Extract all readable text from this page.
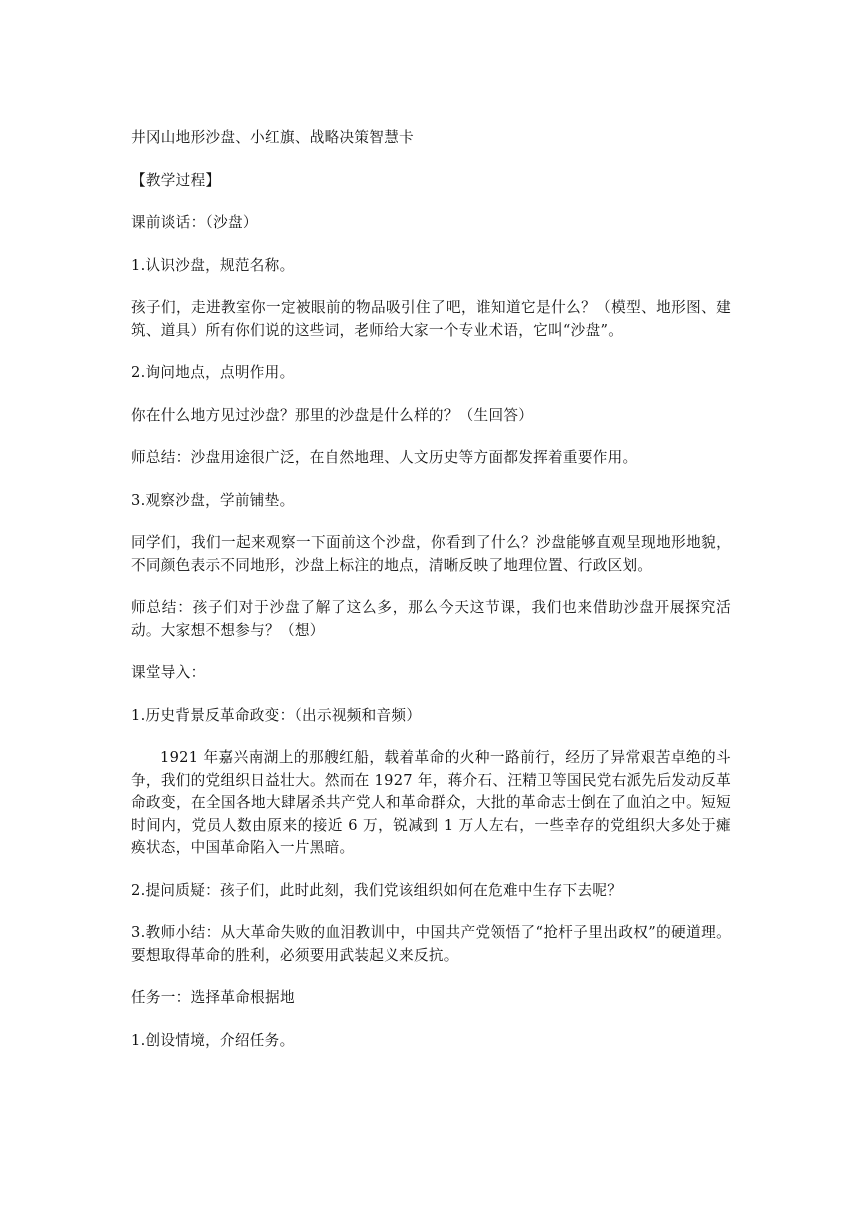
井冈山地形沙盘、小红旗、战略决策智慧卡

【教学过程】

课前谈话：（沙盘）

1.认识沙盘，规范名称。

孩子们，走进教室你一定被眼前的物品吸引住了吧，谁知道它是什么？（模型、地形图、建筑、道具）所有你们说的这些词，老师给大家一个专业术语，它叫“沙盘”。

2.询问地点，点明作用。

你在什么地方见过沙盘？那里的沙盘是什么样的？（生回答）

师总结：沙盘用途很广泛，在自然地理、人文历史等方面都发挥着重要作用。

3.观察沙盘，学前铺垫。

同学们，我们一起来观察一下面前这个沙盘，你看到了什么？沙盘能够直观呈现地形地貌，不同颜色表示不同地形，沙盘上标注的地点，清晰反映了地理位置、行政区划。

师总结：孩子们对于沙盘了解了这么多，那么今天这节课，我们也来借助沙盘开展探究活动。大家想不想参与？（想）

课堂导入：

1.历史背景反革命政变：（出示视频和音频）

1921 年嘉兴南湖上的那艘红船，载着革命的火种一路前行，经历了异常艰苦卓绝的斗争，我们的党组织日益壮大。然而在 1927 年，蒋介石、汪精卫等国民党右派先后发动反革命政变，在全国各地大肆屠杀共产党人和革命群众，大批的革命志士倒在了血泊之中。短短时间内，党员人数由原来的接近 6 万，锐减到 1 万人左右，一些幸存的党组织大多处于瘫痪状态，中国革命陷入一片黑暗。

2.提问质疑：孩子们，此时此刻，我们党该组织如何在危难中生存下去呢？

3.教师小结：从大革命失败的血泪教训中，中国共产党领悟了“抢杆子里出政权”的硬道理。要想取得革命的胜利，必须要用武装起义来反抗。

任务一：选择革命根据地

1.创设情境，介绍任务。
